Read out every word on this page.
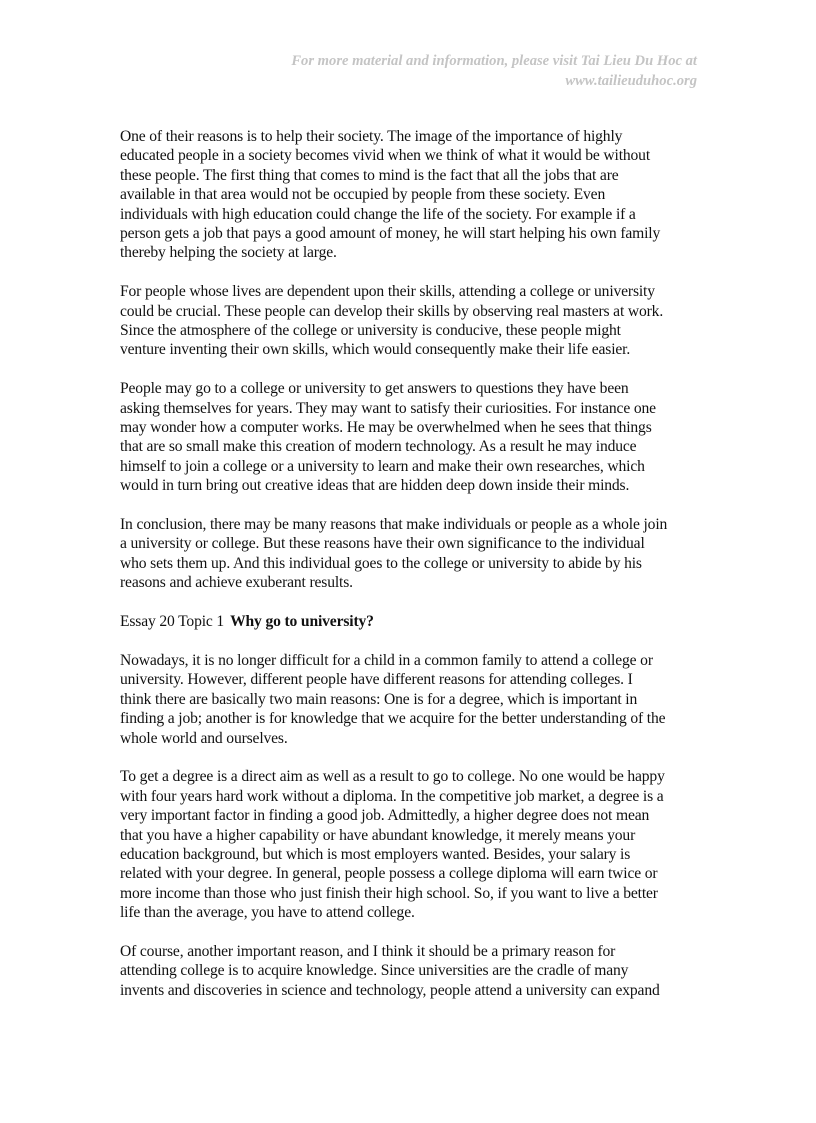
For more material and information, please visit Tai Lieu Du Hoc at
www.tailieuduhoc.org

One of their reasons is to help their society. The image of the importance of highly
educated people in a society becomes vivid when we think of what it would be without
these people. The first thing that comes to mind is the fact that all the jobs that are
available in that area would not be occupied by people from these society. Even
individuals with high education could change the life of the society. For example if a
person gets a job that pays a good amount of money, he will start helping his own family
thereby helping the society at large.

For people whose lives are dependent upon their skills, attending a college or university
could be crucial. These people can develop their skills by observing real masters at work.
Since the atmosphere of the college or university is conducive, these people might
venture inventing their own skills, which would consequently make their life easier.

People may go to a college or university to get answers to questions they have been
asking themselves for years. They may want to satisfy their curiosities. For instance one
may wonder how a computer works. He may be overwhelmed when he sees that things
that are so small make this creation of modern technology. As a result he may induce
himself to join a college or a university to learn and make their own researches, which
would in turn bring out creative ideas that are hidden deep down inside their minds.

In conclusion, there may be many reasons that make individuals or people as a whole join
a university or college. But these reasons have their own significance to the individual
who sets them up. And this individual goes to the college or university to abide by his
reasons and achieve exuberant results.

Essay 20 Topic 1 Why go to university?

Nowadays, it is no longer difficult for a child in a common family to attend a college or
university. However, different people have different reasons for attending colleges. I
think there are basically two main reasons: One is for a degree, which is important in
finding a job; another is for knowledge that we acquire for the better understanding of the
whole world and ourselves.

To get a degree is a direct aim as well as a result to go to college. No one would be happy
with four years hard work without a diploma. In the competitive job market, a degree is a
very important factor in finding a good job. Admittedly, a higher degree does not mean
that you have a higher capability or have abundant knowledge, it merely means your
education background, but which is most employers wanted. Besides, your salary is
related with your degree. In general, people possess a college diploma will earn twice or
more income than those who just finish their high school. So, if you want to live a better
life than the average, you have to attend college.

Of course, another important reason, and I think it should be a primary reason for
attending college is to acquire knowledge. Since universities are the cradle of many
invents and discoveries in science and technology, people attend a university can expand
